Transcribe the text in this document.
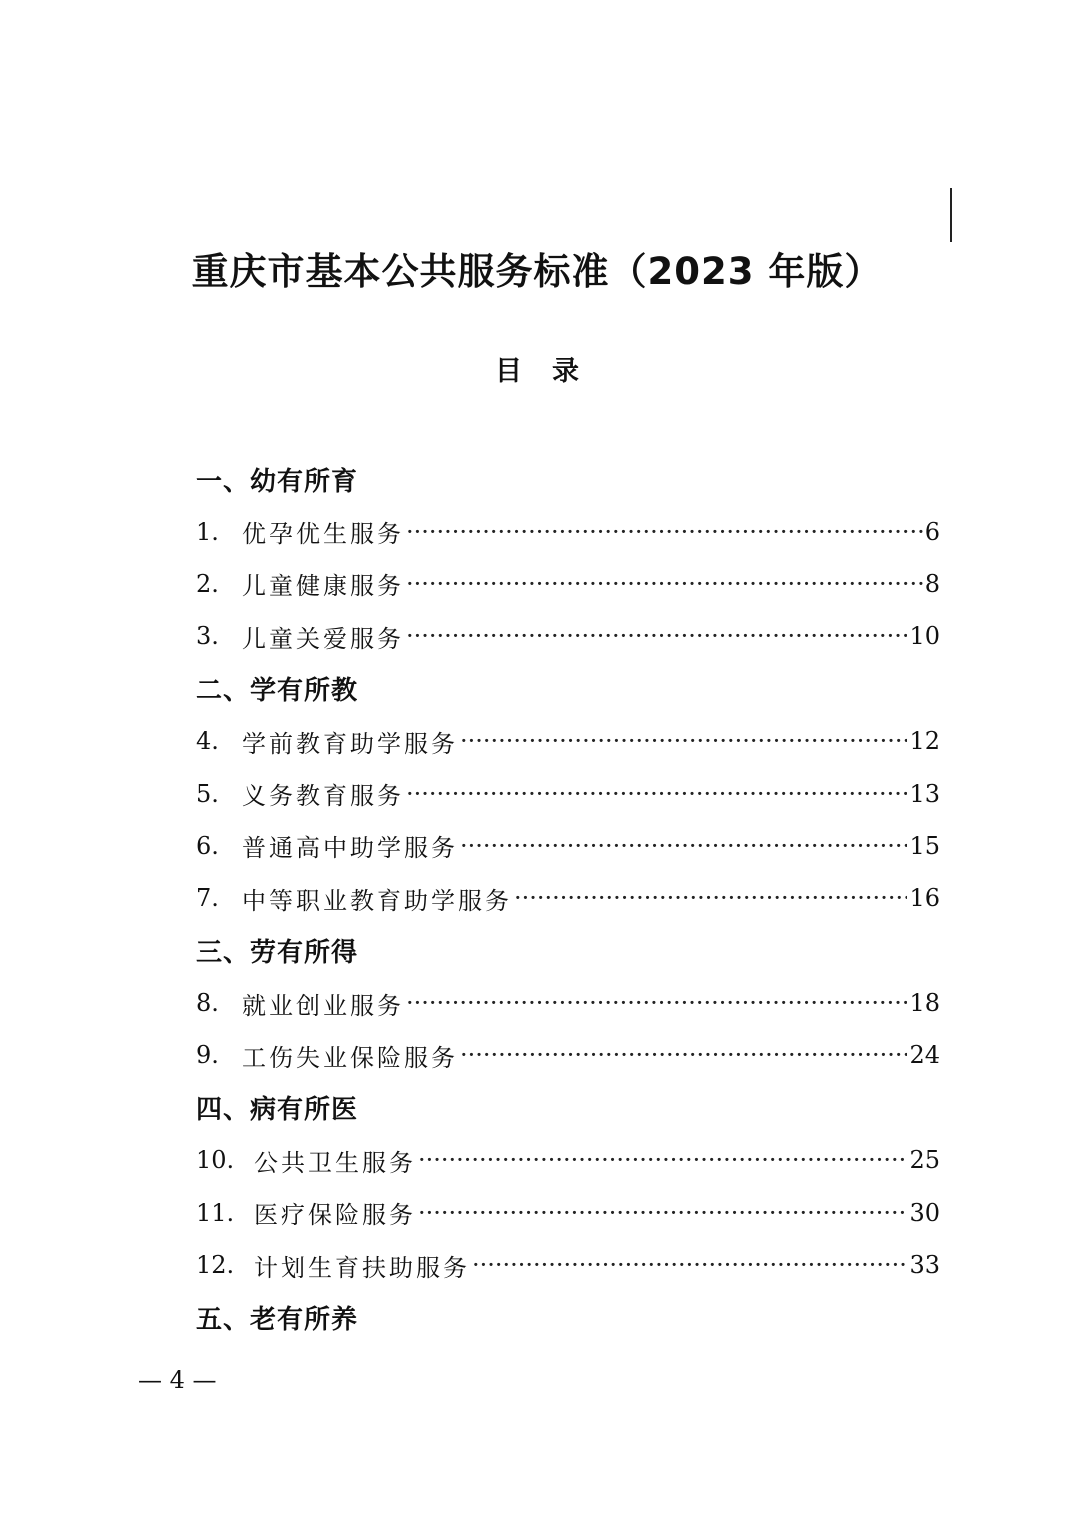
重庆市基本公共服务标准（2023 年版）
目录
一、幼有所育
1. 优孕优生服务 ·····	6
2. 儿童健康服务 ·····	8
3. 儿童关爱服务 ·····	10
二、学有所教
4. 学前教育助学服务 ·····	12
5. 义务教育服务 ·····	13
6. 普通高中助学服务 ·····	15
7. 中等职业教育助学服务 ·····	16
三、劳有所得
8. 就业创业服务 ·····	18
9. 工伤失业保险服务 ·····	24
四、病有所医
10. 公共卫生服务 ·····	25
11. 医疗保险服务 ·····	30
12. 计划生育扶助服务 ·····	33
五、老有所养
— 4 —
